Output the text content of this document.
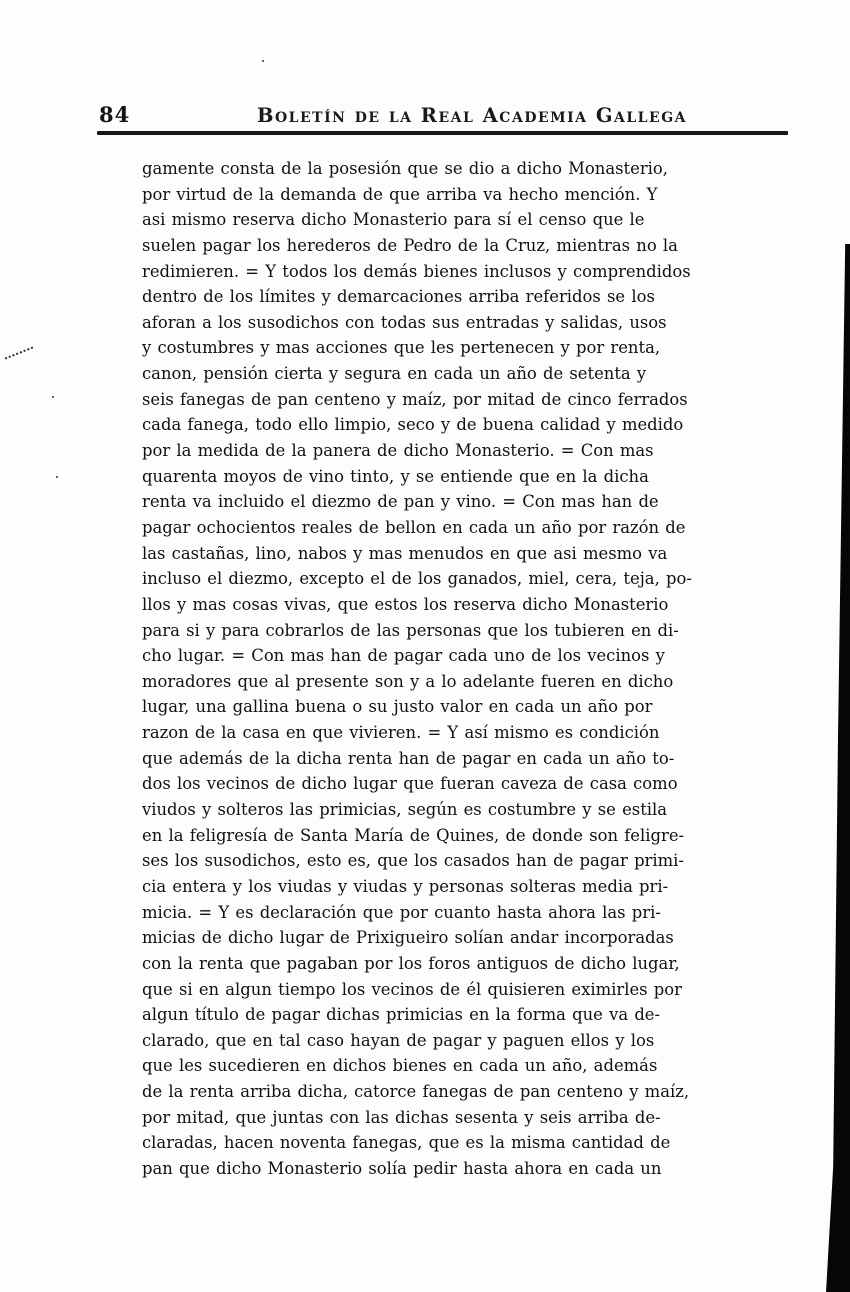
84	Boletín de la Real Academia Gallega
gamente consta de la posesión que se dio a dicho Monasterio,
por virtud de la demanda de que arriba va hecho mención. Y
asi mismo reserva dicho Monasterio para sí el censo que le
suelen pagar los herederos de Pedro de la Cruz, mientras no la
redimieren. = Y todos los demás bienes inclusos y comprendidos
dentro de los límites y demarcaciones arriba referidos se los
aforan a los susodichos con todas sus entradas y salidas, usos
y costumbres y mas acciones que les pertenecen y por renta,
canon, pensión cierta y segura en cada un año de setenta y
seis fanegas de pan centeno y maíz, por mitad de cinco ferrados
cada fanega, todo ello limpio, seco y de buena calidad y medido
por la medida de la panera de dicho Monasterio. = Con mas
quarenta moyos de vino tinto, y se entiende que en la dicha
renta va incluido el diezmo de pan y vino. = Con mas han de
pagar ochocientos reales de bellon en cada un año por razón de
las castañas, lino, nabos y mas menudos en que asi mesmo va
incluso el diezmo, excepto el de los ganados, miel, cera, teja, po-
llos y mas cosas vivas, que estos los reserva dicho Monasterio
para si y para cobrarlos de las personas que los tubieren en di-
cho lugar. = Con mas han de pagar cada uno de los vecinos y
moradores que al presente son y a lo adelante fueren en dicho
lugar, una gallina buena o su justo valor en cada un año por
razon de la casa en que vivieren. = Y así mismo es condición
que además de la dicha renta han de pagar en cada un año to-
dos los vecinos de dicho lugar que fueran caveza de casa como
viudos y solteros las primicias, según es costumbre y se estila
en la feligresía de Santa María de Quines, de donde son feligre-
ses los susodichos, esto es, que los casados han de pagar primi-
cia entera y los viudas y viudas y personas solteras media pri-
micia. = Y es declaración que por cuanto hasta ahora las pri-
micias de dicho lugar de Prixigueiro solían andar incorporadas
con la renta que pagaban por los foros antiguos de dicho lugar,
que si en algun tiempo los vecinos de él quisieren eximirles por
algun título de pagar dichas primicias en la forma que va de-
clarado, que en tal caso hayan de pagar y paguen ellos y los
que les sucedieren en dichos bienes en cada un año, además
de la renta arriba dicha, catorce fanegas de pan centeno y maíz,
por mitad, que juntas con las dichas sesenta y seis arriba de-
claradas, hacen noventa fanegas, que es la misma cantidad de
pan que dicho Monasterio solía pedir hasta ahora en cada un
